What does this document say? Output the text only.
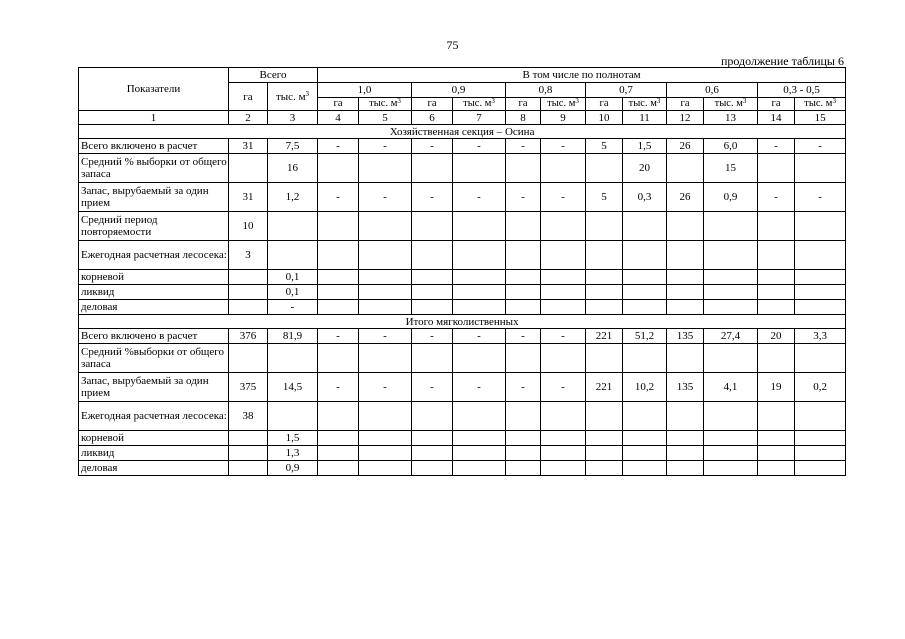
75
продолжение таблицы 6
Показатели	Всего		В том числе по полнотам											
	га	тыс. $м^3$	1,0		0,9		0,8		0,7		0,6		0,3 - 0,5	
			га	тыс. $м^3$	га	тыс. $м^3$	га	тыс. $м^3$	га	тыс. $м^3$	га	тыс. $м^3$	га	тыс. $м^3$
1	2	3	4	5	6	7	8	9	10	11	12	13	14	15
Хозяйственная секция – Осина														
Всего включено в расчет	31	7,5	-	-	-	-	-	-	5	1,5	26	6,0	-	-
Средний % выборки от общего запаса		16								20		15		
Запас, вырубаемый за один прием	31	1,2	-	-	-	-	-	-	5	0,3	26	0,9	-	-
Средний период повторяемости	10													
Ежегодная расчетная лесосека:	3													
корневой		0,1												
ликвид		0,1												
деловая		-												
Итого мягколиственных														
Всего включено в расчет	376	81,9	-	-	-	-	-	-	221	51,2	135	27,4	20	3,3
Средний %выборки от общего запаса														
Запас, вырубаемый за один прием	375	14,5	-	-	-	-	-	-	221	10,2	135	4,1	19	0,2
Ежегодная расчетная лесосека:	38													
корневой		1,5												
ликвид		1,3												
деловая		0,9												
